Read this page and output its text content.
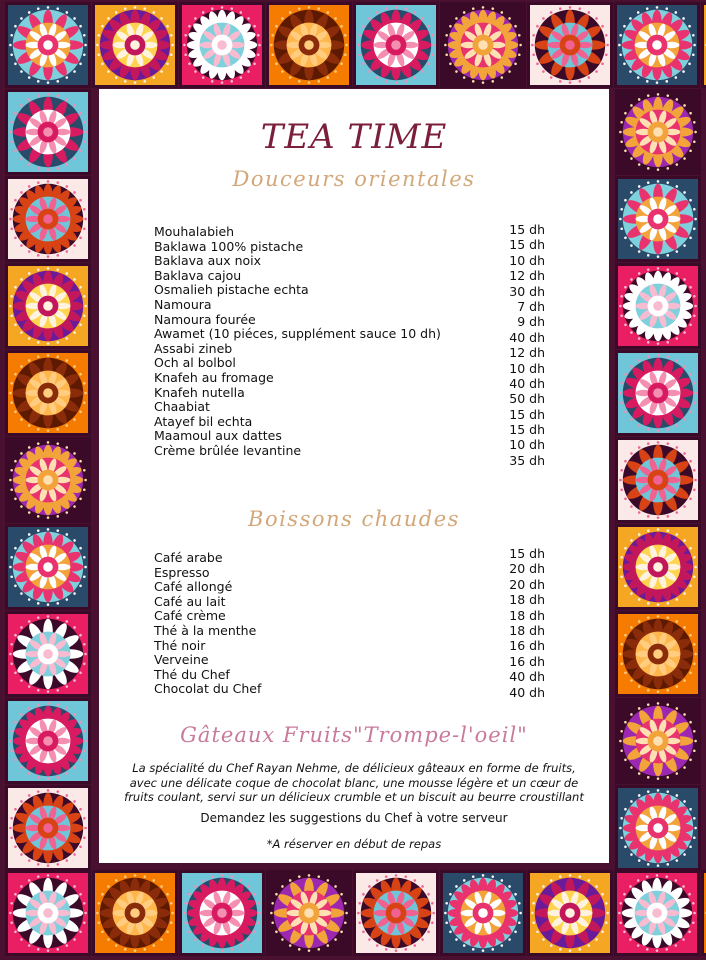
TEA TIME
Douceurs orientales
Mouhalabieh
Baklawa 100% pistache
Baklava aux noix
Baklava cajou
Osmalieh pistache echta
Namoura
Namoura fourée
Awamet (10 piéces, supplément sauce 10 dh)
Assabi zineb
Och al bolbol
Knafeh au fromage
Knafeh nutella
Chaabiat
Atayef bil echta
Maamoul aux dattes
Crème brûlée levantine
15 dh
15 dh
10 dh
12 dh
30 dh
7 dh
9 dh
40 dh
12 dh
10 dh
40 dh
50 dh
15 dh
15 dh
10 dh
35 dh
Boissons chaudes
Café arabe
Espresso
Café allongé
Café au lait
Café crème
Thé à la menthe
Thé noir
Verveine
Thé du Chef
Chocolat du Chef
15 dh
20 dh
20 dh
18 dh
18 dh
18 dh
16 dh
16 dh
40 dh
40 dh
Gâteaux Fruits"Trompe-l'oeil"
La spécialité du Chef Rayan Nehme, de délicieux gâteaux en forme de fruits,
avec une délicate coque de chocolat blanc, une mousse légère et un cœur de
fruits coulant, servi sur un délicieux crumble et un biscuit au beurre croustillant
Demandez les suggestions du Chef à votre serveur
*A réserver en début de repas
